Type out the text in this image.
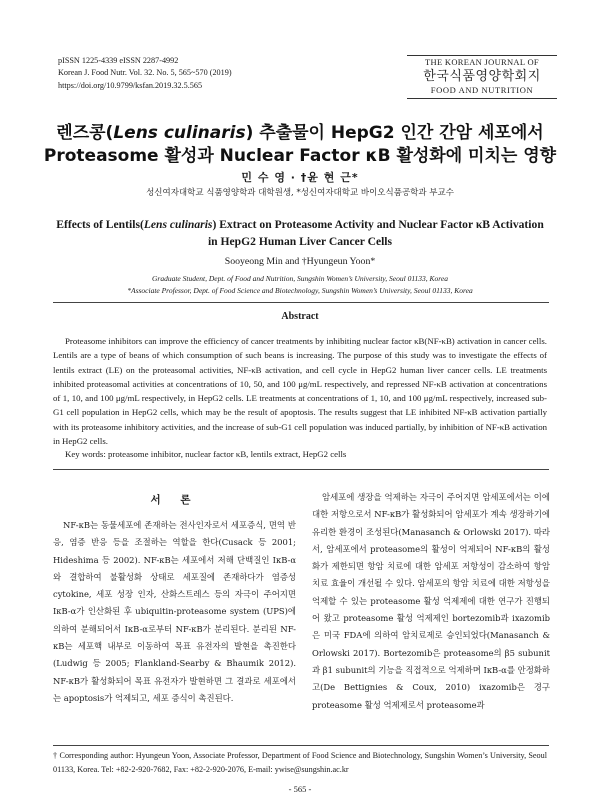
pISSN 1225-4339 eISSN 2287-4992
Korean J. Food Nutr. Vol. 32. No. 5, 565~570 (2019)
https://doi.org/10.9799/ksfan.2019.32.5.565
THE KOREAN JOURNAL OF
한국식품영양학회지
FOOD AND NUTRITION
렌즈콩(Lens culinaris) 추출물이 HepG2 인간 간암 세포에서
Proteasome 활성과 Nuclear Factor κB 활성화에 미치는 영향
민 수 영 · †윤 현 근*
성신여자대학교 식품영양학과 대학원생, *성신여자대학교 바이오식품공학과 부교수
Effects of Lentils(Lens culinaris) Extract on Proteasome Activity and Nuclear Factor κB Activation
in HepG2 Human Liver Cancer Cells
Sooyeong Min and †Hyungeun Yoon*
Graduate Student, Dept. of Food and Nutrition, Sungshin Women’s University, Seoul 01133, Korea
*Associate Professor, Dept. of Food Science and Biotechnology, Sungshin Women’s University, Seoul 01133, Korea
Abstract

Proteasome inhibitors can improve the efficiency of cancer treatments by inhibiting nuclear factor κB(NF-κB) activation in cancer cells. Lentils are a type of beans of which consumption of such beans is increasing. The purpose of this study was to investigate the effects of lentils extract (LE) on the proteasomal activities, NF-κB activation, and cell cycle in HepG2 human liver cancer cells. LE treatments inhibited proteasomal activities at concentrations of 10, 50, and 100 μg/mL respectively, and repressed NF-κB activation at concentrations of 1, 10, and 100 μg/mL respectively, in HepG2 cells. LE treatments at concentrations of 1, 10, and 100 μg/mL respectively, increased sub-G1 cell population in HepG2 cells, which may be the result of apoptosis. The results suggest that LE inhibited NF-κB activation partially with its proteasome inhibitory activities, and the increase of sub-G1 cell population was induced partially, by inhibition of NF-κB activation in HepG2 cells.

Key words: proteasome inhibitor, nuclear factor κB, lentils extract, HepG2 cells

서 론

NF-κB는 동물세포에 존재하는 전사인자로서 세포증식, 면역 반응, 염증 반응 등을 조절하는 역할을 한다(Cusack 등 2001; Hideshima 등 2002). NF-κB는 세포에서 저해 단백질인 IκB-α와 결합하여 불활성화 상태로 세포질에 존재하다가 염증성 cytokine, 세포 성장 인자, 산화스트레스 등의 자극이 주어지면 IκB-α가 인산화된 후 ubiquitin-proteasome system (UPS)에 의하여 분해되어서 IκB-α로부터 NF-κB가 분리된다. 분리된 NF-κB는 세포핵 내부로 이동하여 목표 유전자의 발현을 촉진한다(Ludwig 등 2005; Flankland-Searby & Bhaumik 2012). NF-κB가 활성화되어 목표 유전자가 발현하면 그 결과로 세포에서는 apoptosis가 억제되고, 세포 증식이 촉진된다.

암세포에 생장을 억제하는 자극이 주어지면 암세포에서는 이에 대한 저항으로서 NF-κB가 활성화되어 암세포가 계속 생장하기에 유리한 환경이 조성된다(Manasanch & Orlowski 2017). 따라서, 암세포에서 proteasome의 활성이 억제되어 NF-κB의 활성화가 제한되면 항암 치료에 대한 암세포 저항성이 감소하여 항암 치료 효율이 개선될 수 있다. 암세포의 항암 치료에 대한 저항성을 억제할 수 있는 proteasome 활성 억제제에 대한 연구가 진행되어 왔고 proteasome 활성 억제제인 bortezomib과 ixazomib은 미국 FDA에 의하여 암치료제로 승인되었다(Manasanch & Orlowski 2017). Bortezomib은 proteasome의 β5 subunit과 β1 subunit의 기능을 직접적으로 억제하며 IκB-α를 안정화하고(De Bettignies & Coux, 2010) ixazomib은 경구 proteasome 활성 억제제로서 proteasome과

† Corresponding author: Hyungeun Yoon, Associate Professor, Department of Food Science and Biotechnology, Sungshin Women’s University, Seoul 01133, Korea. Tel: +82-2-920-7682, Fax: +82-2-920-2076, E-mail: ywise@sungshin.ac.kr

- 565 -
